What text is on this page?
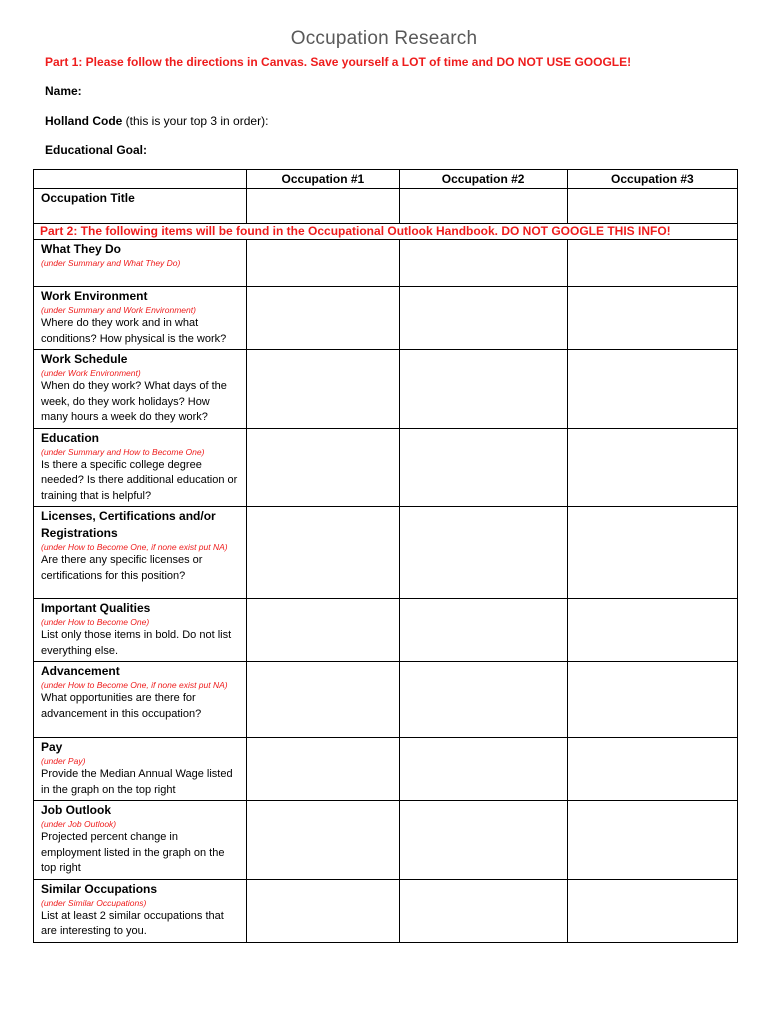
Occupation Research
Part 1: Please follow the directions in Canvas. Save yourself a LOT of time and DO NOT USE GOOGLE!
Name:
Holland Code (this is your top 3 in order):
Educational Goal:
	Occupation #1	Occupation #2	Occupation #3

Occupation Title			

Part 2: The following items will be found in the Occupational Outlook Handbook. DO NOT GOOGLE THIS INFO!			

What They Do
(under Summary and What They Do)			

Work Environment
(under Summary and Work Environment)
Where do they work and in what conditions? How physical is the work?			

Work Schedule
(under Work Environment)
When do they work? What days of the week, do they work holidays? How many hours a week do they work?			

Education
(under Summary and How to Become One)
Is there a specific college degree needed? Is there additional education or training that is helpful?			

Licenses, Certifications and/or Registrations
(under How to Become One, if none exist put NA)
Are there any specific licenses or certifications for this position?			

Important Qualities
(under How to Become One)
List only those items in bold. Do not list everything else.			

Advancement
(under How to Become One, if none exist put NA)
What opportunities are there for advancement in this occupation?			

Pay
(under Pay)
Provide the Median Annual Wage listed in the graph on the top right			

Job Outlook
(under Job Outlook)
Projected percent change in employment listed in the graph on the top right			

Similar Occupations
(under Similar Occupations)
List at least 2 similar occupations that are interesting to you.			
